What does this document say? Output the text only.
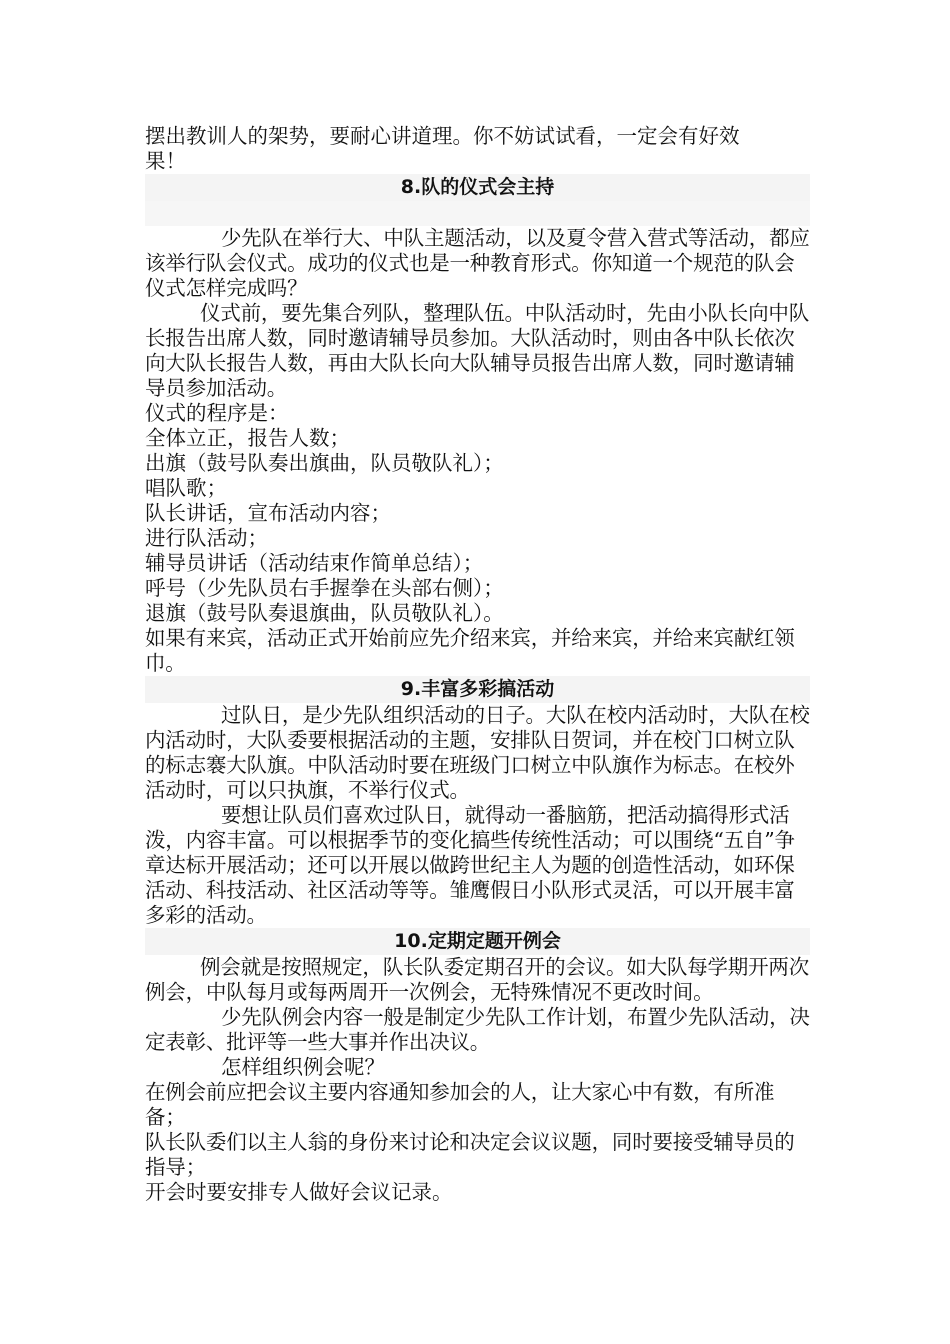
摆出教训人的架势，要耐心讲道理。你不妨试试看，一定会有好效

果！

8.队的仪式会主持

少先队在举行大、中队主题活动，以及夏令营入营式等活动，都应该举行队会仪式。成功的仪式也是一种教育形式。你知道一个规范的队会仪式怎样完成吗？

仪式前，要先集合列队，整理队伍。中队活动时，先由小队长向中队长报告出席人数，同时邀请辅导员参加。大队活动时，则由各中队长依次向大队长报告人数，再由大队长向大队辅导员报告出席人数，同时邀请辅导员参加活动。

仪式的程序是：

全体立正，报告人数；

出旗（鼓号队奏出旗曲，队员敬队礼）；

唱队歌；

队长讲话，宣布活动内容；

进行队活动；

辅导员讲话（活动结束作简单总结）；

呼号（少先队员右手握拳在头部右侧）；

退旗（鼓号队奏退旗曲，队员敬队礼）。

如果有来宾，活动正式开始前应先介绍来宾，并给来宾，并给来宾献红领巾。

9.丰富多彩搞活动

过队日，是少先队组织活动的日子。大队在校内活动时，大队在校内活动时，大队委要根据活动的主题，安排队日贺词，并在校门口树立队的标志褰大队旗。中队活动时要在班级门口树立中队旗作为标志。在校外活动时，可以只执旗，不举行仪式。

要想让队员们喜欢过队日，就得动一番脑筋，把活动搞得形式活泼，内容丰富。可以根据季节的变化搞些传统性活动；可以围绕“五自”争章达标开展活动；还可以开展以做跨世纪主人为题的创造性活动，如环保活动、科技活动、社区活动等等。雏鹰假日小队形式灵活，可以开展丰富多彩的活动。

10.定期定题开例会

例会就是按照规定，队长队委定期召开的会议。如大队每学期开两次例会，中队每月或每两周开一次例会，无特殊情况不更改时间。

少先队例会内容一般是制定少先队工作计划，布置少先队活动，决定表彰、批评等一些大事并作出决议。

怎样组织例会呢？

在例会前应把会议主要内容通知参加会的人，让大家心中有数，有所准备；

队长队委们以主人翁的身份来讨论和决定会议议题，同时要接受辅导员的指导；

开会时要安排专人做好会议记录。
